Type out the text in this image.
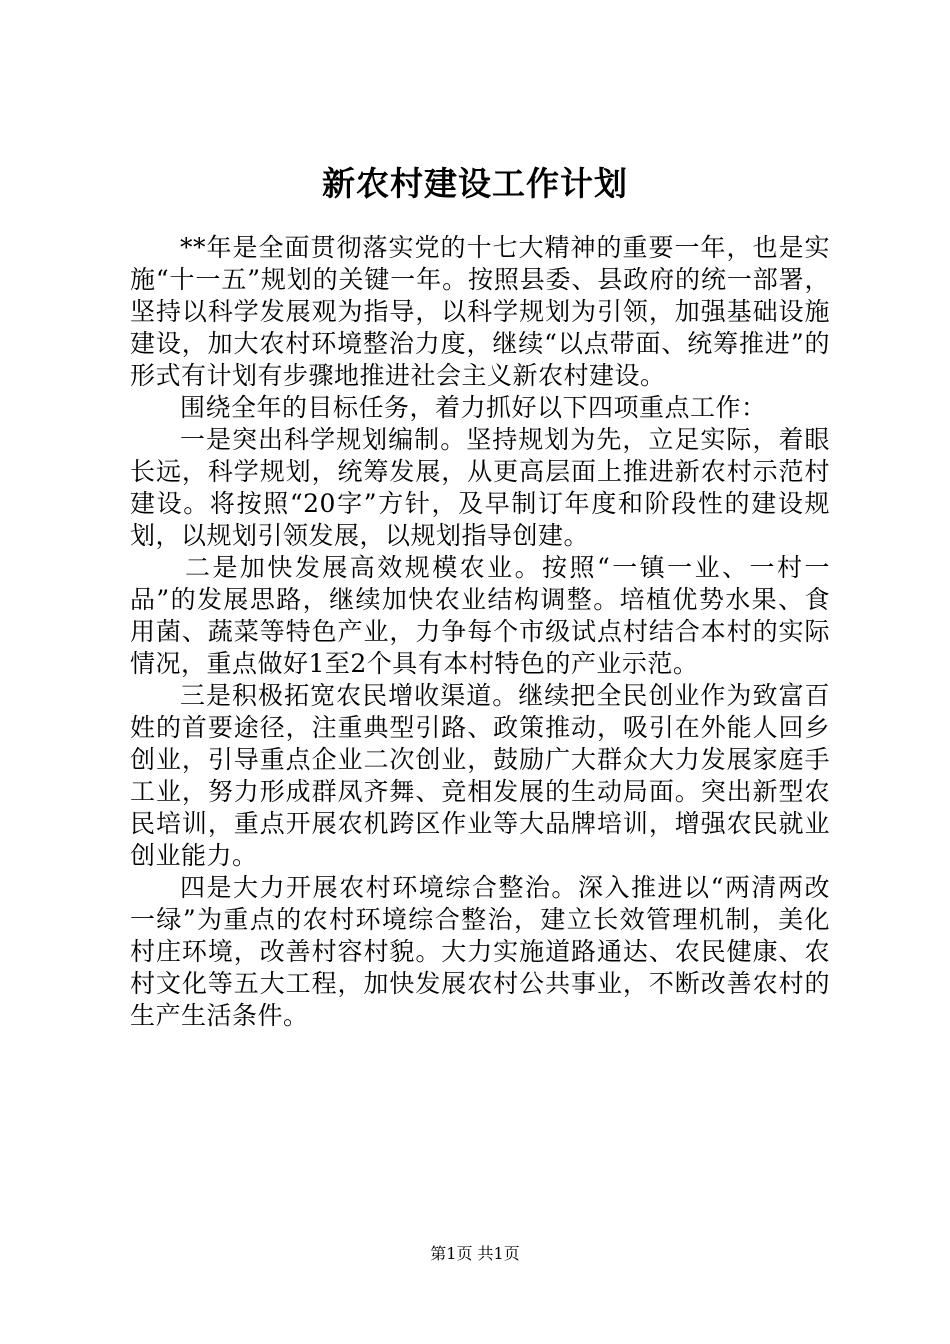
新农村建设工作计划

**年是全面贯彻落实党的十七大精神的重要一年，也是实施“十一五”规划的关键一年。按照县委、县政府的统一部署，坚持以科学发展观为指导，以科学规划为引领，加强基础设施建设，加大农村环境整治力度，继续“以点带面、统筹推进”的形式有计划有步骤地推进社会主义新农村建设。

围绕全年的目标任务，着力抓好以下四项重点工作：

一是突出科学规划编制。坚持规划为先，立足实际，着眼长远，科学规划，统筹发展，从更高层面上推进新农村示范村建设。将按照“20字”方针，及早制订年度和阶段性的建设规划，以规划引领发展，以规划指导创建。

二是加快发展高效规模农业。按照“一镇一业、一村一品”的发展思路，继续加快农业结构调整。培植优势水果、食用菌、蔬菜等特色产业，力争每个市级试点村结合本村的实际情况，重点做好1至2个具有本村特色的产业示范。

三是积极拓宽农民增收渠道。继续把全民创业作为致富百姓的首要途径，注重典型引路、政策推动，吸引在外能人回乡创业，引导重点企业二次创业，鼓励广大群众大力发展家庭手工业，努力形成群凤齐舞、竞相发展的生动局面。突出新型农民培训，重点开展农机跨区作业等大品牌培训，增强农民就业创业能力。

四是大力开展农村环境综合整治。深入推进以“两清两改一绿”为重点的农村环境综合整治，建立长效管理机制，美化村庄环境，改善村容村貌。大力实施道路通达、农民健康、农村文化等五大工程，加快发展农村公共事业，不断改善农村的生产生活条件。

第1页 共1页
